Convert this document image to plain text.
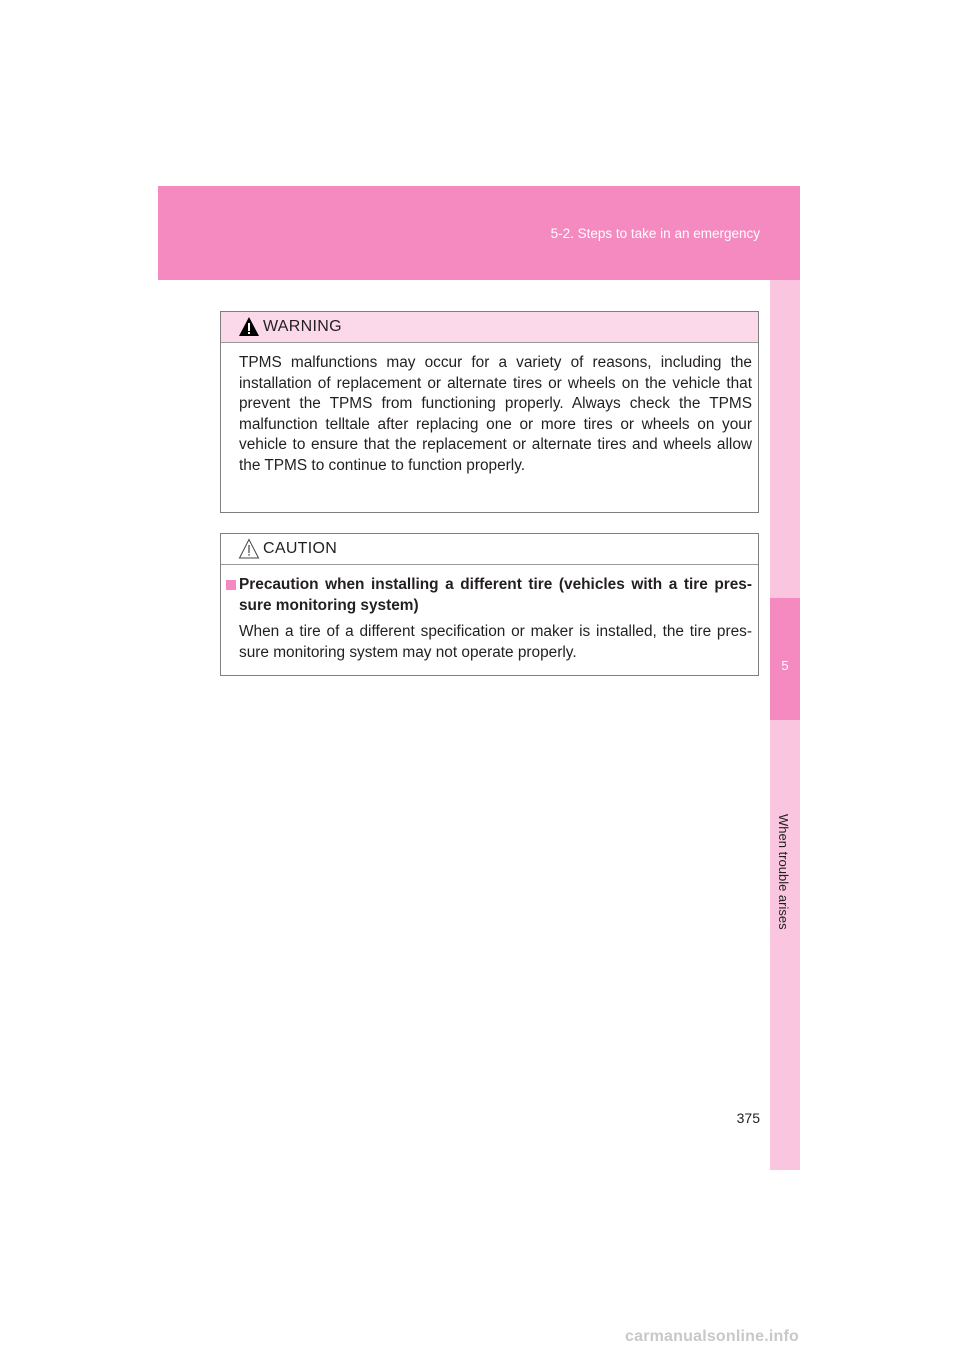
5-2. Steps to take in an emergency
5
When trouble arises
WARNING
TPMS malfunctions may occur for a variety of reasons, including the installation of replacement or alternate tires or wheels on the vehicle that prevent the TPMS from functioning properly. Always check the TPMS malfunction telltale after replacing one or more tires or wheels on your vehicle to ensure that the replacement or alternate tires and wheels allow the TPMS to continue to function properly.
CAUTION
Precaution when installing a different tire (vehicles with a tire pres-sure monitoring system)
When a tire of a different specification or maker is installed, the tire pres-sure monitoring system may not operate properly.
375
carmanualsonline.info
